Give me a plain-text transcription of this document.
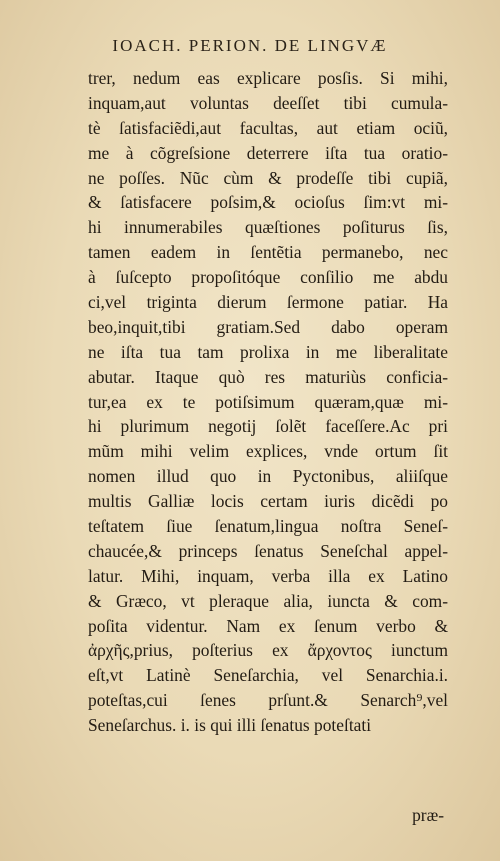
IOACH. PERION. DE LINGVÆ
trer, nedum eas explicare posſis. Si mihi,
inquam,aut voluntas deeſſet tibi cumula-
tè ſatisfaciẽdi,aut facultas, aut etiam ociũ,
me à cõgreſsione deterrere iſta tua oratio-
ne poſſes. Nũc cùm & prodeſſe tibi cupiã,
& ſatisfacere poſsim,& ocioſus ſim:vt mi-
hi innumerabiles quæſtiones poſiturus ſis,
tamen eadem in ſentẽtia permanebo, nec
à ſuſcepto propoſitóque conſilio me abdu
ci,vel triginta dierum ſermone patiar. Ha
beo,inquit,tibi gratiam.Sed dabo operam
ne iſta tua tam prolixa in me liberalitate
abutar. Itaque quò res maturiùs conficia-
tur,ea ex te potiſsimum quæram,quæ mi-
hi plurimum negotij ſolẽt faceſſere.Ac pri
mũm mihi velim explices, vnde ortum ſit
nomen illud quo in Pyctonibus, aliiſque
multis Galliæ locis certam iuris dicẽdi po
teſtatem ſiue ſenatum,lingua noſtra Seneſ-
chaucée,& princeps ſenatus Seneſchal appel-
latur. Mihi, inquam, verba illa ex Latino
& Græco, vt pleraque alia, iuncta & com-
poſita videntur. Nam ex ſenum verbo &
ἀρχῆς,prius, poſterius ex ἄρχοντος iunctum
eſt,vt Latinè Seneſarchia, vel Senarchia.i.
poteſtas,cui ſenes prſunt.& Senarch⁹,vel
Seneſarchus. i. is qui illi ſenatus poteſtati
præ-
